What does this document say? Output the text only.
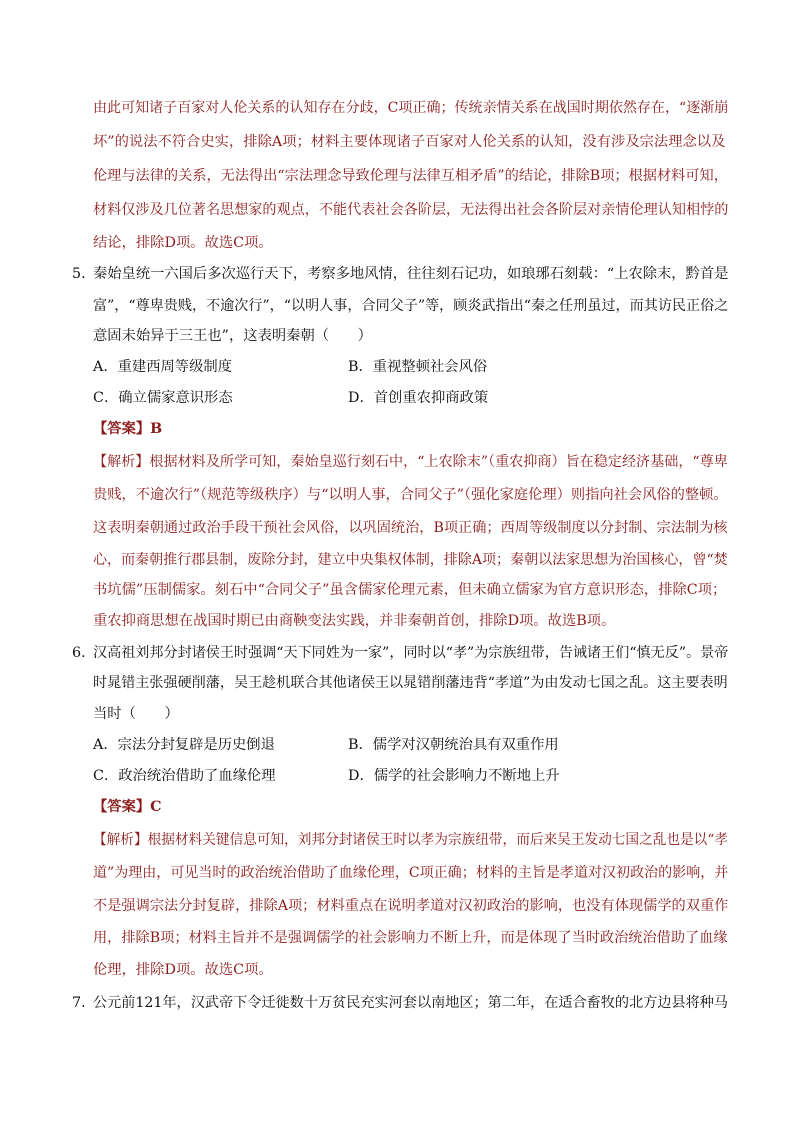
由此可知诸子百家对人伦关系的认知存在分歧，C项正确；传统亲情关系在战国时期依然存在，“逐渐崩
坏”的说法不符合史实，排除A项；材料主要体现诸子百家对人伦关系的认知，没有涉及宗法理念以及
伦理与法律的关系，无法得出“宗法理念导致伦理与法律互相矛盾”的结论，排除B项；根据材料可知，
材料仅涉及几位著名思想家的观点，不能代表社会各阶层，无法得出社会各阶层对亲情伦理认知相悖的
结论，排除D项。故选C项。
5．
秦始皇统一六国后多次巡行天下，考察多地风情，往往刻石记功，如琅琊石刻载：“上农除末，黔首是
富”，“尊卑贵贱，不逾次行”，“以明人事，合同父子”等，顾炎武指出“秦之任刑虽过，而其访民正俗之
意固未始异于三王也”，这表明秦朝（　　）
A．重建西周等级制度	B．重视整顿社会风俗
C．确立儒家意识形态	D．首创重农抑商政策
【答案】B
【解析】根据材料及所学可知，秦始皇巡行刻石中，“上农除末”（重农抑商）旨在稳定经济基础，“尊卑
贵贱，不逾次行”（规范等级秩序）与“以明人事，合同父子”（强化家庭伦理）则指向社会风俗的整顿。
这表明秦朝通过政治手段干预社会风俗，以巩固统治，B项正确；西周等级制度以分封制、宗法制为核
心，而秦朝推行郡县制，废除分封，建立中央集权体制，排除A项；秦朝以法家思想为治国核心，曾“焚
书坑儒”压制儒家。刻石中“合同父子”虽含儒家伦理元素，但未确立儒家为官方意识形态，排除C项；
重农抑商思想在战国时期已由商鞅变法实践，并非秦朝首创，排除D项。故选B项。
6．
汉高祖刘邦分封诸侯王时强调“天下同姓为一家”，同时以“孝”为宗族纽带，告诫诸王们“慎无反”。景帝
时晁错主张强硬削藩，吴王趁机联合其他诸侯王以晁错削藩违背“孝道”为由发动七国之乱。这主要表明
当时（　　）
A．宗法分封复辟是历史倒退	B．儒学对汉朝统治具有双重作用
C．政治统治借助了血缘伦理	D．儒学的社会影响力不断地上升
【答案】C
【解析】根据材料关键信息可知，刘邦分封诸侯王时以孝为宗族纽带，而后来吴王发动七国之乱也是以“孝
道”为理由，可见当时的政治统治借助了血缘伦理，C项正确；材料的主旨是孝道对汉初政治的影响，并
不是强调宗法分封复辟，排除A项；材料重点在说明孝道对汉初政治的影响，也没有体现儒学的双重作
用，排除B项；材料主旨并不是强调儒学的社会影响力不断上升，而是体现了当时政治统治借助了血缘
伦理，排除D项。故选C项。
7．
公元前121年，汉武帝下令迁徙数十万贫民充实河套以南地区；第二年，在适合畜牧的北方边县将种马
